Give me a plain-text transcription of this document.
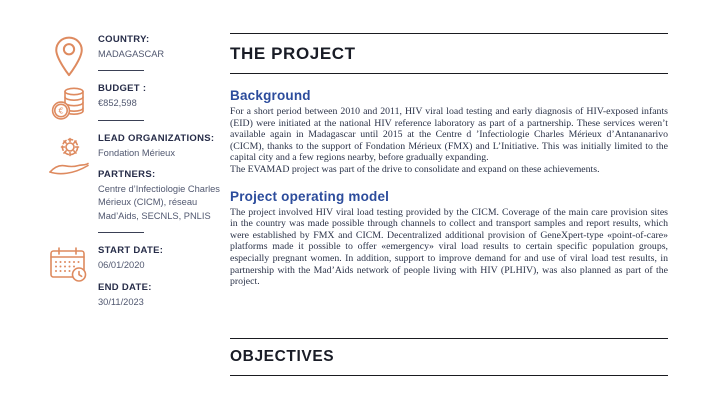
COUNTRY:
MADAGASCAR
€
BUDGET :
€852,598
LEAD ORGANIZATIONS:
Fondation Mérieux
PARTNERS:
Centre d’Infectiologie Charles Mérieux (CICM), réseau Mad’Aids, SECNLS, PNLIS
START DATE:
06/01/2020
END DATE:
30/11/2023
THE PROJECT
Background

For a short period between 2010 and 2011, HIV viral load testing and early diagnosis of HIV-exposed infants (EID) were initiated at the national HIV reference laboratory as part of a partnership. These services weren’t available again in Madagascar until 2015 at the Centre d ’Infectiologie Charles Mérieux d’Antananarivo (CICM), thanks to the support of Fondation Mérieux (FMX) and L’Initiative. This was initially limited to the capital city and a few regions nearby, before gradually expanding.

The EVAMAD project was part of the drive to consolidate and expand on these achievements.

Project operating model

The project involved HIV viral load testing provided by the CICM. Coverage of the main care provision sites in the country was made possible through channels to collect and transport samples and report results, which were established by FMX and CICM. Decentralized additional provision of GeneXpert-type «point-of-care» platforms made it possible to offer «emergency» viral load results to certain specific population groups, especially pregnant women. In addition, support to improve demand for and use of viral load test results, in partnership with the Mad’Aids network of people living with HIV (PLHIV), was also planned as part of the project.

OBJECTIVES
